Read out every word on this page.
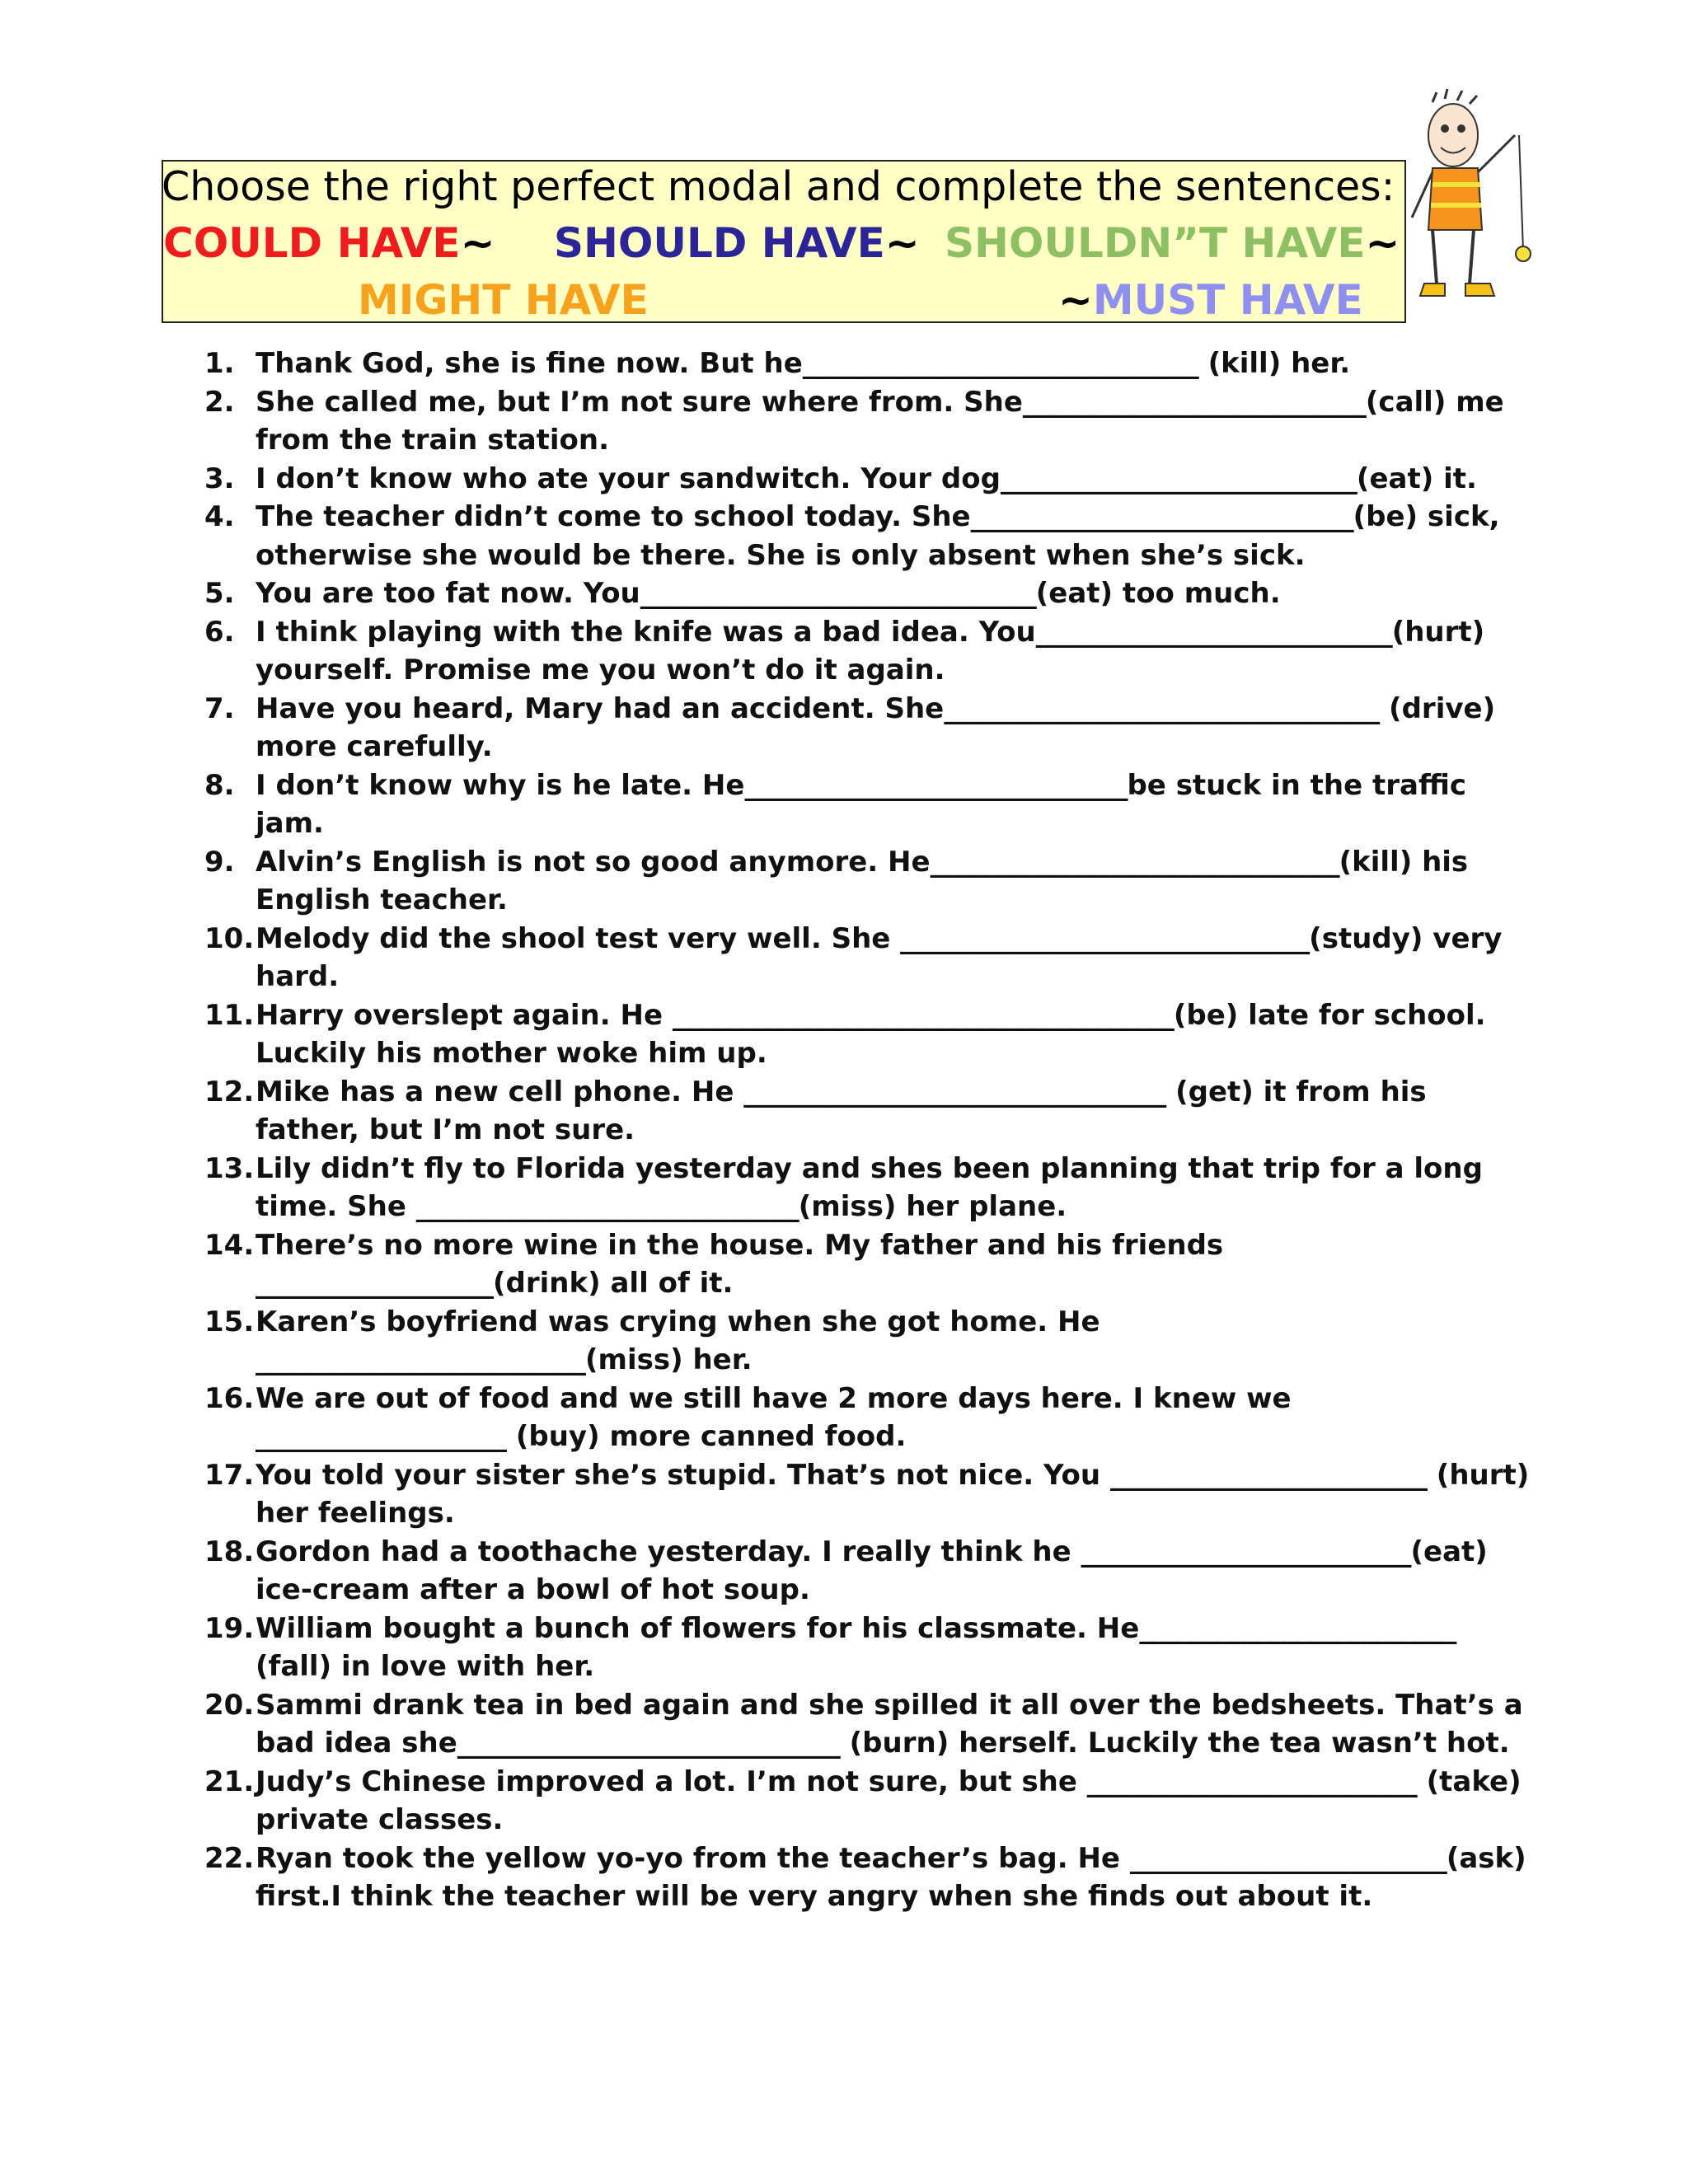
Choose the right perfect modal and complete the sentences:
COULD HAVE~ SHOULD HAVE~ SHOULDN”T HAVE~
MIGHT HAVE	~MUST HAVE
1. Thank God, she is fine now. But he______________________________ (kill) her.
2. She called me, but I’m not sure where from. She__________________________(call) me from the train station.
3. I don’t know who ate your sandwitch. Your dog___________________________(eat) it.
4. The teacher didn’t come to school today. She_____________________________(be) sick, otherwise she would be there. She is only absent when she’s sick.
5. You are too fat now. You______________________________(eat) too much.
6. I think playing with the knife was a bad idea. You___________________________(hurt) yourself. Promise me you won’t do it again.
7. Have you heard, Mary had an accident. She_________________________________ (drive) more carefully.
8. I don’t know why is he late. He_____________________________be stuck in the traffic jam.
9. Alvin’s English is not so good anymore. He_______________________________(kill) his English teacher.
10. Melody did the shool test very well. She _______________________________(study) very hard.
11. Harry overslept again. He ______________________________________(be) late for school. Luckily his mother woke him up.
12. Mike has a new cell phone. He ________________________________ (get) it from his father, but I’m not sure.
13. Lily didn’t fly to Florida yesterday and shes been planning that trip for a long time. She _____________________________(miss) her plane.
14. There’s no more wine in the house. My father and his friends __________________(drink) all of it.
15. Karen’s boyfriend was crying when she got home. He _________________________(miss) her.
16. We are out of food and we still have 2 more days here. I knew we ___________________ (buy) more canned food.
17. You told your sister she’s stupid. That’s not nice. You ________________________ (hurt) her feelings.
18. Gordon had a toothache yesterday. I really think he _________________________(eat) ice-cream after a bowl of hot soup.
19. William bought a bunch of flowers for his classmate. He________________________ (fall) in love with her.
20. Sammi drank tea in bed again and she spilled it all over the bedsheets. That’s a bad idea she_____________________________ (burn) herself. Luckily the tea wasn’t hot.
21. Judy’s Chinese improved a lot. I’m not sure, but she _________________________ (take) private classes.
22. Ryan took the yellow yo-yo from the teacher’s bag. He ________________________(ask) first.I think the teacher will be very angry when she finds out about it.
